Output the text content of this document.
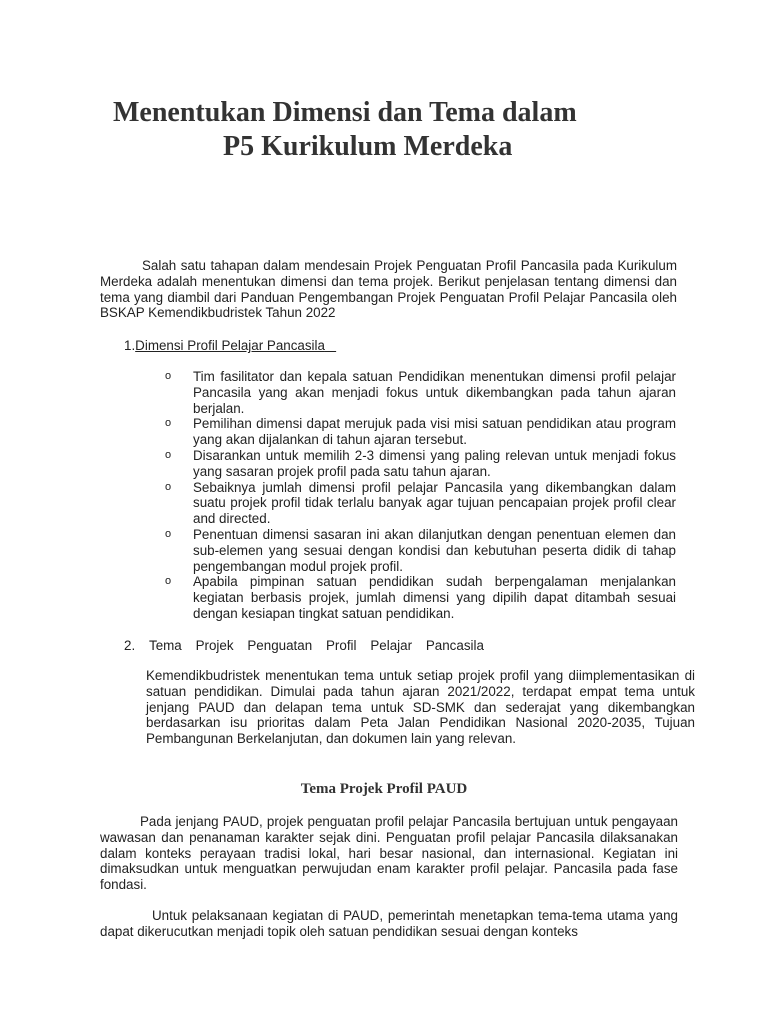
Menentukan Dimensi dan Tema dalam
P5 Kurikulum Merdeka

Salah satu tahapan dalam mendesain Projek Penguatan Profil Pancasila pada Kurikulum Merdeka adalah menentukan dimensi dan tema projek. Berikut penjelasan tentang dimensi dan tema yang diambil dari Panduan Pengembangan Projek Penguatan Profil Pelajar Pancasila oleh BSKAP Kemendikbudristek Tahun 2022

1.Dimensi Profil Pelajar Pancasila
o Tim fasilitator dan kepala satuan Pendidikan menentukan dimensi profil pelajar Pancasila yang akan menjadi fokus untuk dikembangkan pada tahun ajaran berjalan.
o Pemilihan dimensi dapat merujuk pada visi misi satuan pendidikan atau program yang akan dijalankan di tahun ajaran tersebut.
o Disarankan untuk memilih 2-3 dimensi yang paling relevan untuk menjadi fokus yang sasaran projek profil pada satu tahun ajaran.
o Sebaiknya jumlah dimensi profil pelajar Pancasila yang dikembangkan dalam suatu projek profil tidak terlalu banyak agar tujuan pencapaian projek profil clear and directed.
o Penentuan dimensi sasaran ini akan dilanjutkan dengan penentuan elemen dan sub-elemen yang sesuai dengan kondisi dan kebutuhan peserta didik di tahap pengembangan modul projek profil.
o Apabila pimpinan satuan pendidikan sudah berpengalaman menjalankan kegiatan berbasis projek, jumlah dimensi yang dipilih dapat ditambah sesuai dengan kesiapan tingkat satuan pendidikan.
2. Tema Projek Penguatan Profil Pelajar Pancasila

Kemendikbudristek menentukan tema untuk setiap projek profil yang diimplementasikan di satuan pendidikan. Dimulai pada tahun ajaran 2021/2022, terdapat empat tema untuk jenjang PAUD dan delapan tema untuk SD-SMK dan sederajat yang dikembangkan berdasarkan isu prioritas dalam Peta Jalan Pendidikan Nasional 2020-2035, Tujuan Pembangunan Berkelanjutan, dan dokumen lain yang relevan.

Tema Projek Profil PAUD

Pada jenjang PAUD, projek penguatan profil pelajar Pancasila bertujuan untuk pengayaan wawasan dan penanaman karakter sejak dini. Penguatan profil pelajar Pancasila dilaksanakan dalam konteks perayaan tradisi lokal, hari besar nasional, dan internasional. Kegiatan ini dimaksudkan untuk menguatkan perwujudan enam karakter profil pelajar. Pancasila pada fase fondasi.

Untuk pelaksanaan kegiatan di PAUD, pemerintah menetapkan tema-tema utama yang dapat dikerucutkan menjadi topik oleh satuan pendidikan sesuai dengan konteks
